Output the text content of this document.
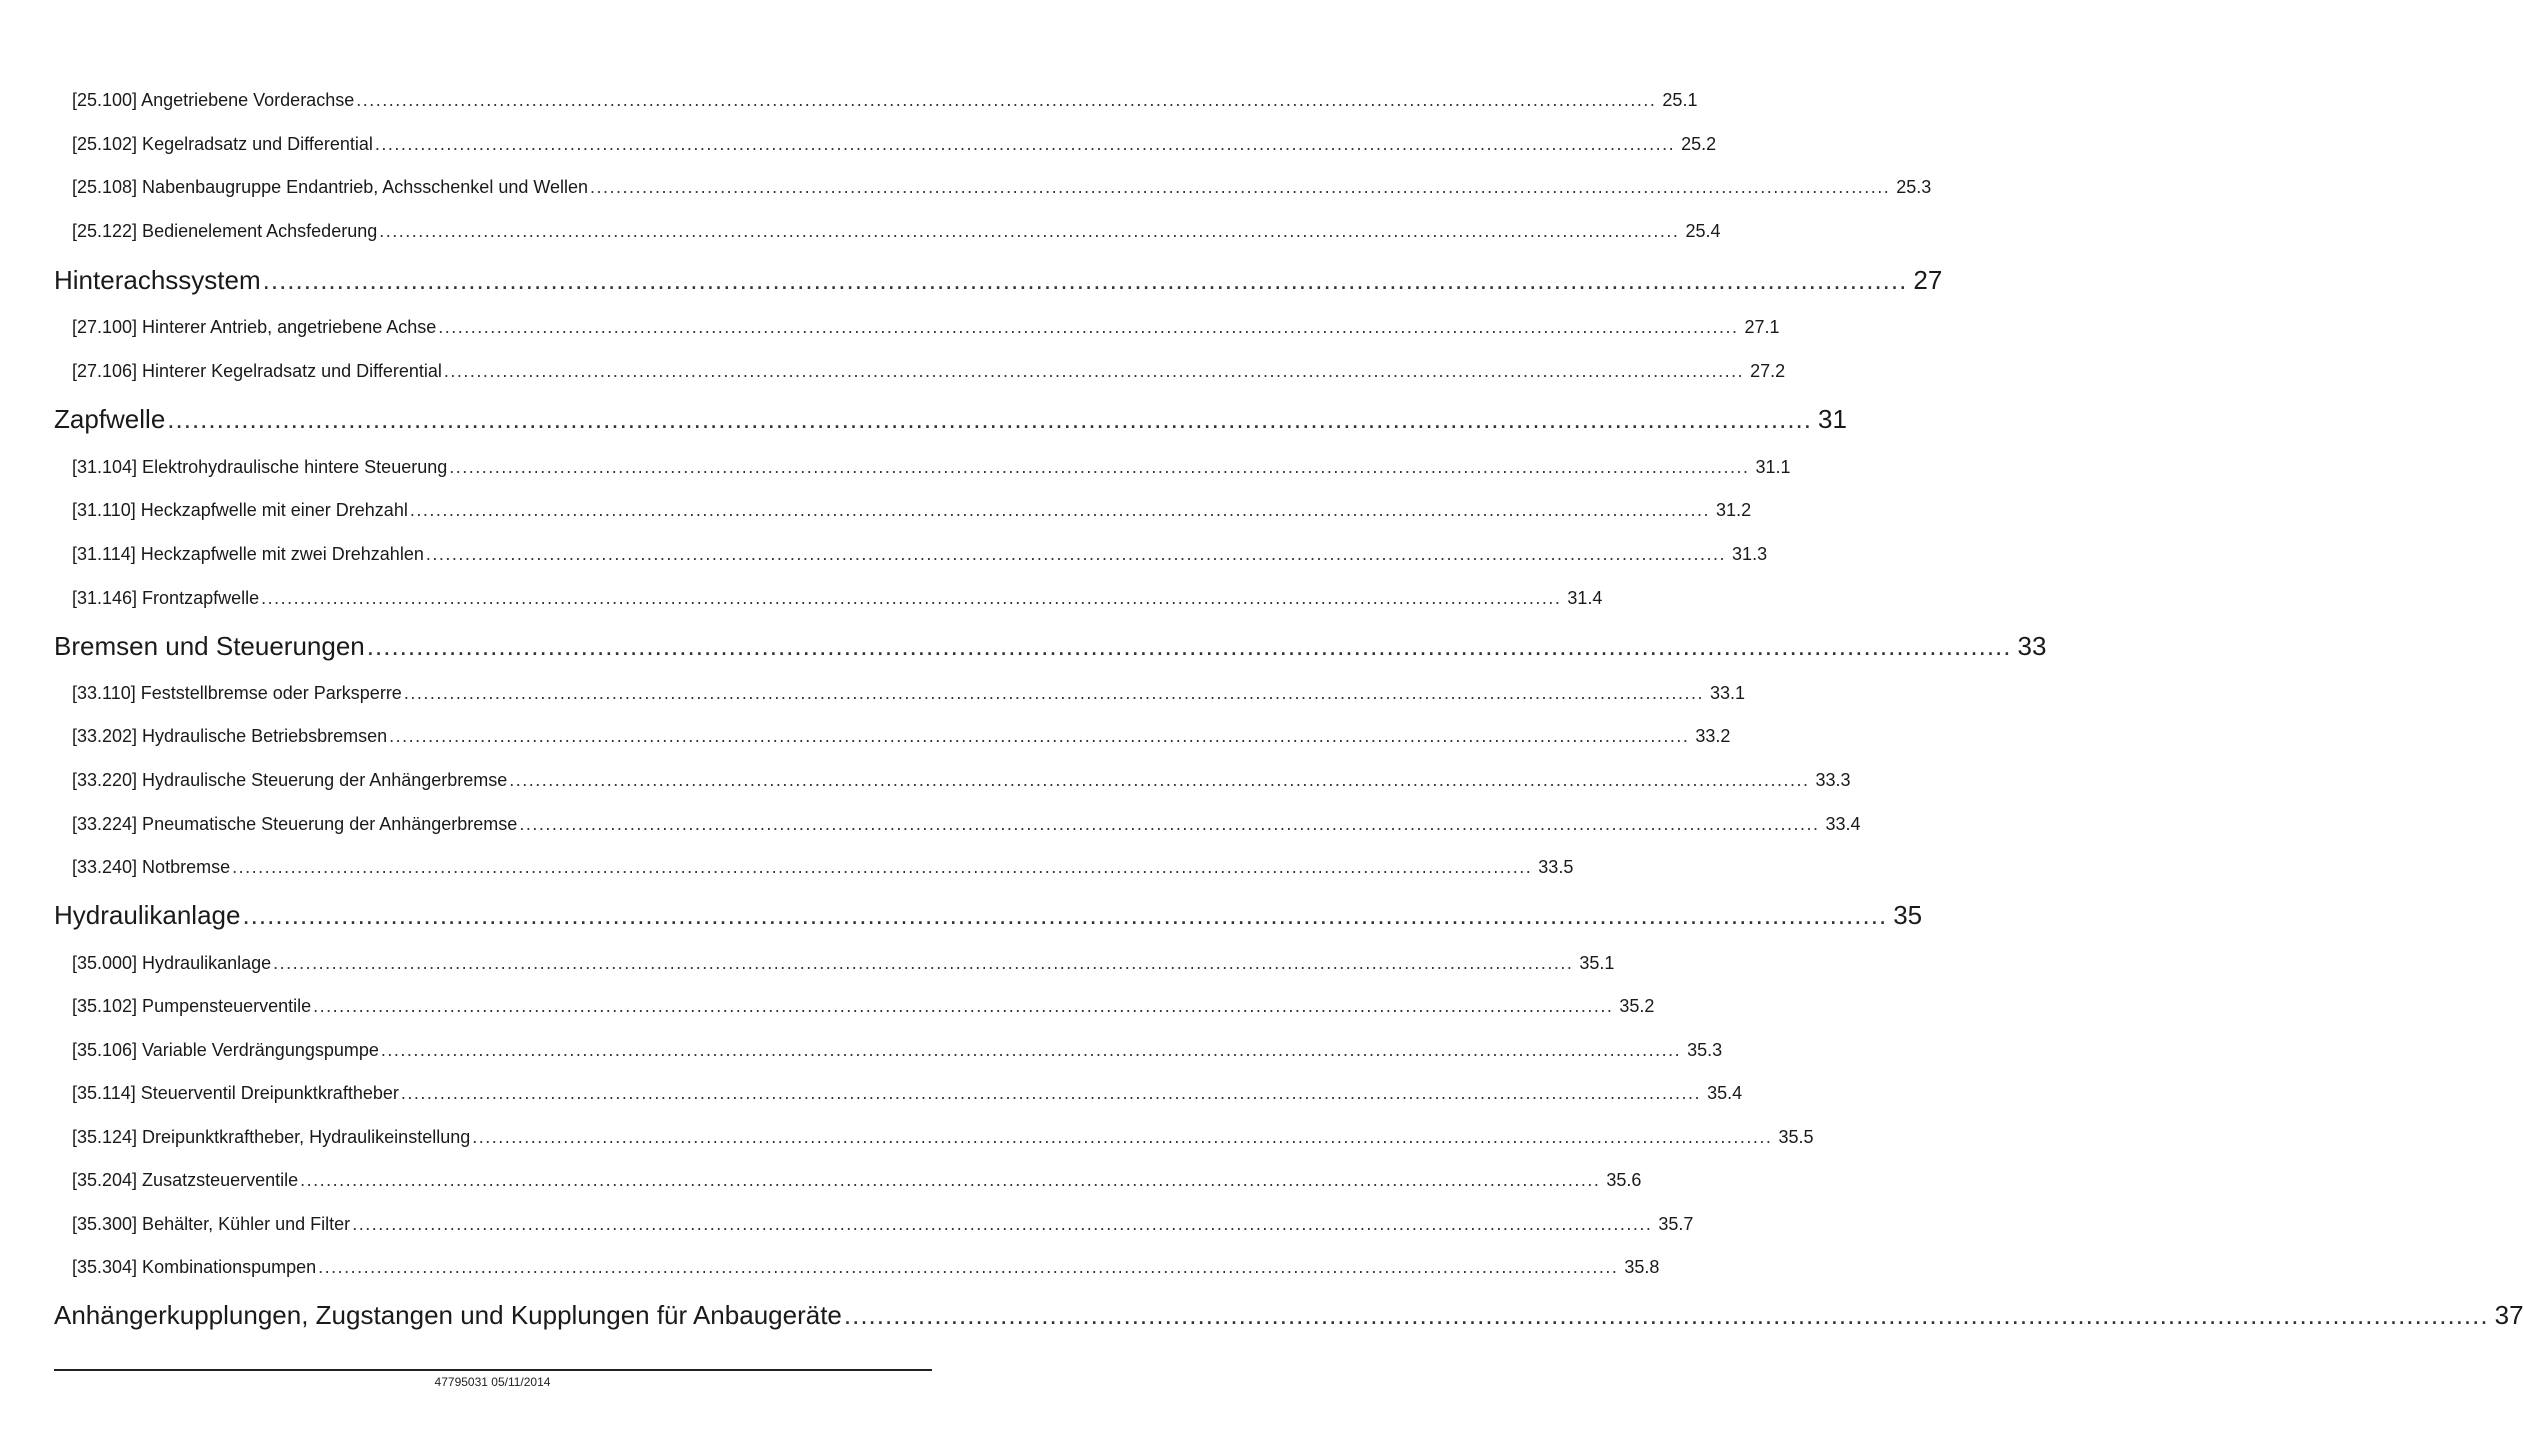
[25.100] Angetriebene Vorderachse ........................................................................................................................................................................................................ 25.1
[25.102] Kegelradsatz und Differential ........................................................................................................................................................................................................ 25.2
[25.108] Nabenbaugruppe Endantrieb, Achsschenkel und Wellen ........................................................................................................................................................................................................ 25.3
[25.122] Bedienelement Achsfederung ........................................................................................................................................................................................................ 25.4
Hinterachssystem ........................................................................................................................................................................................................ 27
[27.100] Hinterer Antrieb, angetriebene Achse ........................................................................................................................................................................................................ 27.1
[27.106] Hinterer Kegelradsatz und Differential ........................................................................................................................................................................................................ 27.2
Zapfwelle ........................................................................................................................................................................................................ 31
[31.104] Elektrohydraulische hintere Steuerung ........................................................................................................................................................................................................ 31.1
[31.110] Heckzapfwelle mit einer Drehzahl ........................................................................................................................................................................................................ 31.2
[31.114] Heckzapfwelle mit zwei Drehzahlen ........................................................................................................................................................................................................ 31.3
[31.146] Frontzapfwelle ........................................................................................................................................................................................................ 31.4
Bremsen und Steuerungen ........................................................................................................................................................................................................ 33
[33.110] Feststellbremse oder Parksperre ........................................................................................................................................................................................................ 33.1
[33.202] Hydraulische Betriebsbremsen ........................................................................................................................................................................................................ 33.2
[33.220] Hydraulische Steuerung der Anhängerbremse ........................................................................................................................................................................................................ 33.3
[33.224] Pneumatische Steuerung der Anhängerbremse ........................................................................................................................................................................................................ 33.4
[33.240] Notbremse ........................................................................................................................................................................................................ 33.5
Hydraulikanlage ........................................................................................................................................................................................................ 35
[35.000] Hydraulikanlage ........................................................................................................................................................................................................ 35.1
[35.102] Pumpensteuerventile ........................................................................................................................................................................................................ 35.2
[35.106] Variable Verdrängungspumpe ........................................................................................................................................................................................................ 35.3
[35.114] Steuerventil Dreipunktkraftheber ........................................................................................................................................................................................................ 35.4
[35.124] Dreipunktkraftheber, Hydraulikeinstellung ........................................................................................................................................................................................................ 35.5
[35.204] Zusatzsteuerventile ........................................................................................................................................................................................................ 35.6
[35.300] Behälter, Kühler und Filter ........................................................................................................................................................................................................ 35.7
[35.304] Kombinationspumpen ........................................................................................................................................................................................................ 35.8
Anhängerkupplungen, Zugstangen und Kupplungen für Anbaugeräte ........................................................................................................................................................................................................ 37
47795031 05/11/2014
